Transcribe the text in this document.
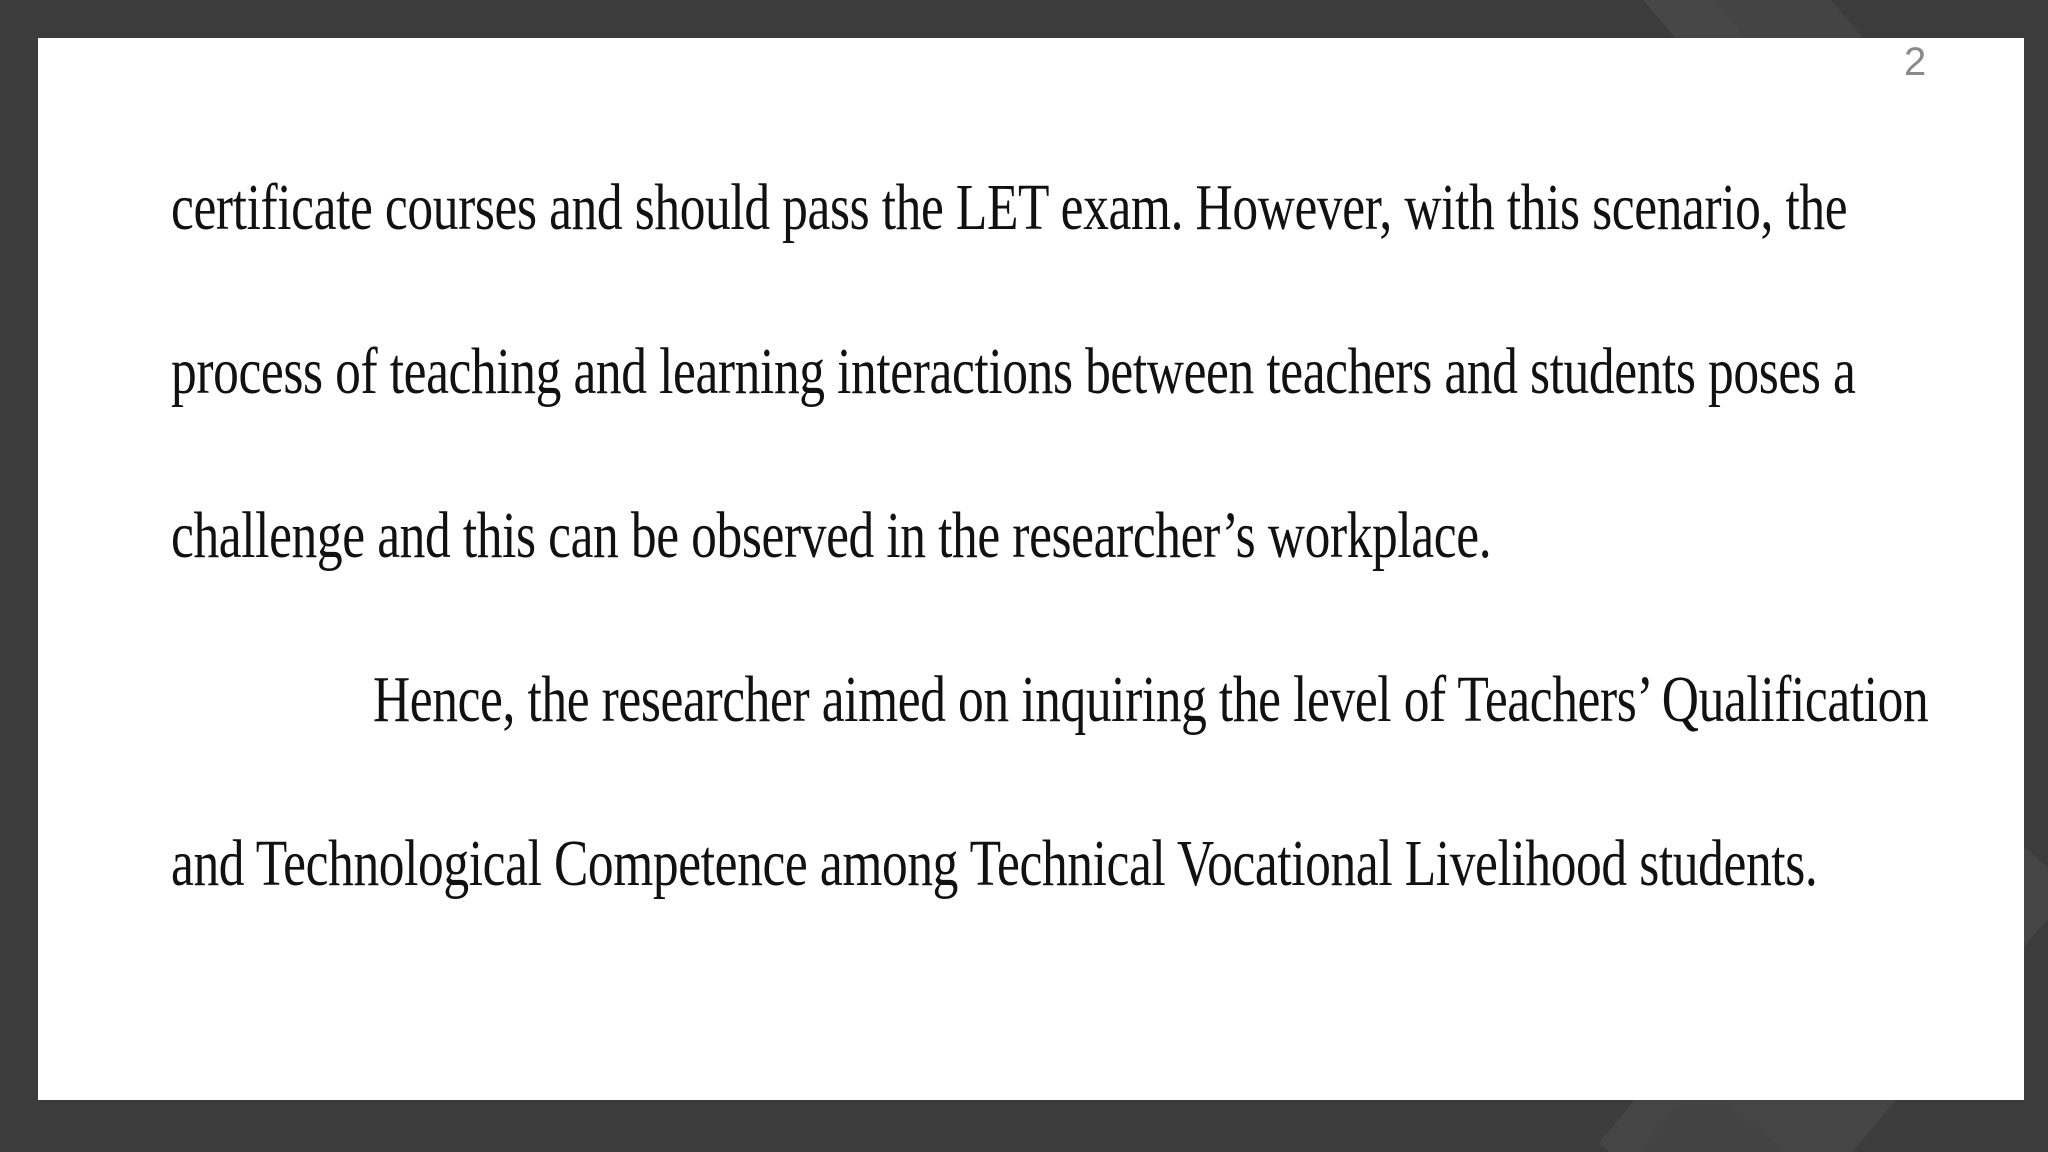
2
certificate courses and should pass the LET exam. However, with this scenario, the
process of teaching and learning interactions between teachers and students poses a
challenge and this can be observed in the researcher’s workplace.
Hence, the researcher aimed on inquiring the level of Teachers’ Qualification
and Technological Competence among Technical Vocational Livelihood students.
